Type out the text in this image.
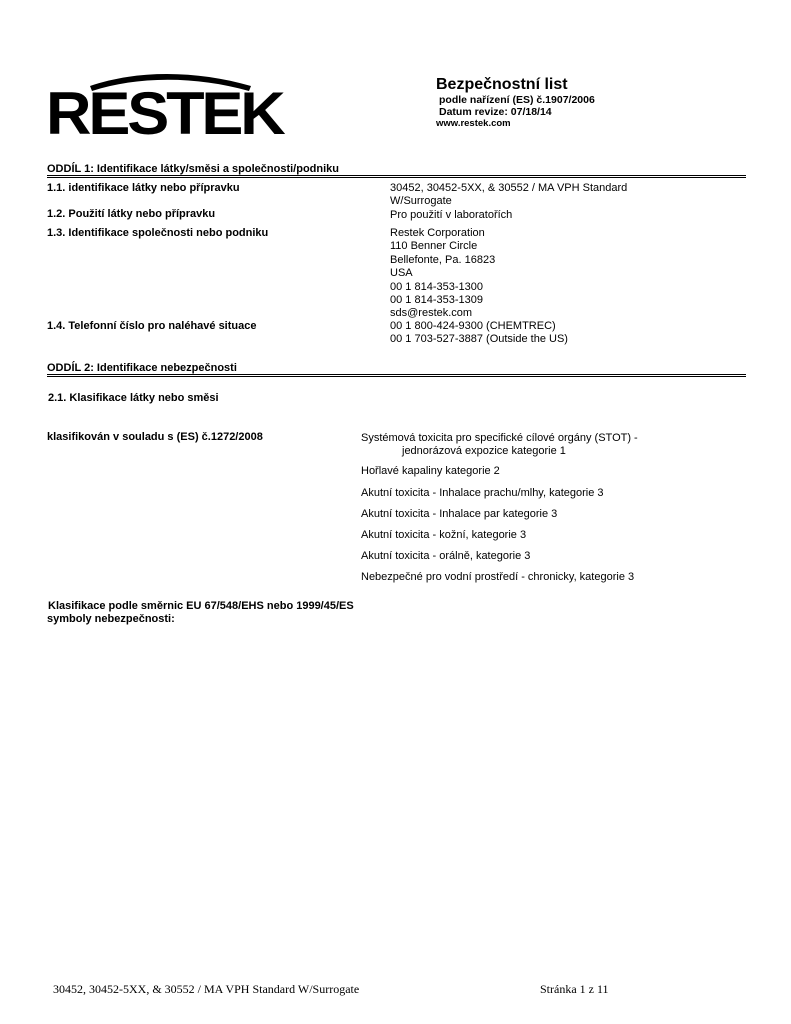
RESTEK	Bezpečnostní list
podle nařízení (ES) č.1907/2006
Datum revize: 07/18/14
www.restek.com
ODDÍL 1: Identifikace látky/směsi a společnosti/podniku
1.1. identifikace látky nebo přípravku	30452, 30452-5XX, & 30552 / MA VPH Standard
W/Surrogate
1.2. Použití látky nebo přípravku	Pro použití v laboratořích
1.3. Identifikace společnosti nebo podniku	Restek Corporation
110 Benner Circle
Bellefonte, Pa. 16823
USA
00 1 814-353-1300
00 1 814-353-1309
sds@restek.com
1.4. Telefonní číslo pro naléhavé situace	00 1 800-424-9300 (CHEMTREC)
00 1 703-527-3887 (Outside the US)
ODDÍL 2: Identifikace nebezpečnosti
2.1. Klasifikace látky nebo směsi
klasifikován v souladu s (ES) č.1272/2008	Systémová toxicita pro specifické cílové orgány (STOT) -
jednorázová expozice kategorie 1
Hořlavé kapaliny kategorie 2
Akutní toxicita - Inhalace prachu/mlhy, kategorie 3
Akutní toxicita - Inhalace par kategorie 3
Akutní toxicita - kožní, kategorie 3
Akutní toxicita - orálně, kategorie 3
Nebezpečné pro vodní prostředí - chronicky, kategorie 3
Klasifikace podle směrnic EU 67/548/EHS nebo 1999/45/ES
symboly nebezpečnosti:
30452, 30452-5XX, & 30552 / MA VPH Standard W/Surrogate	Stránka 1 z 11
